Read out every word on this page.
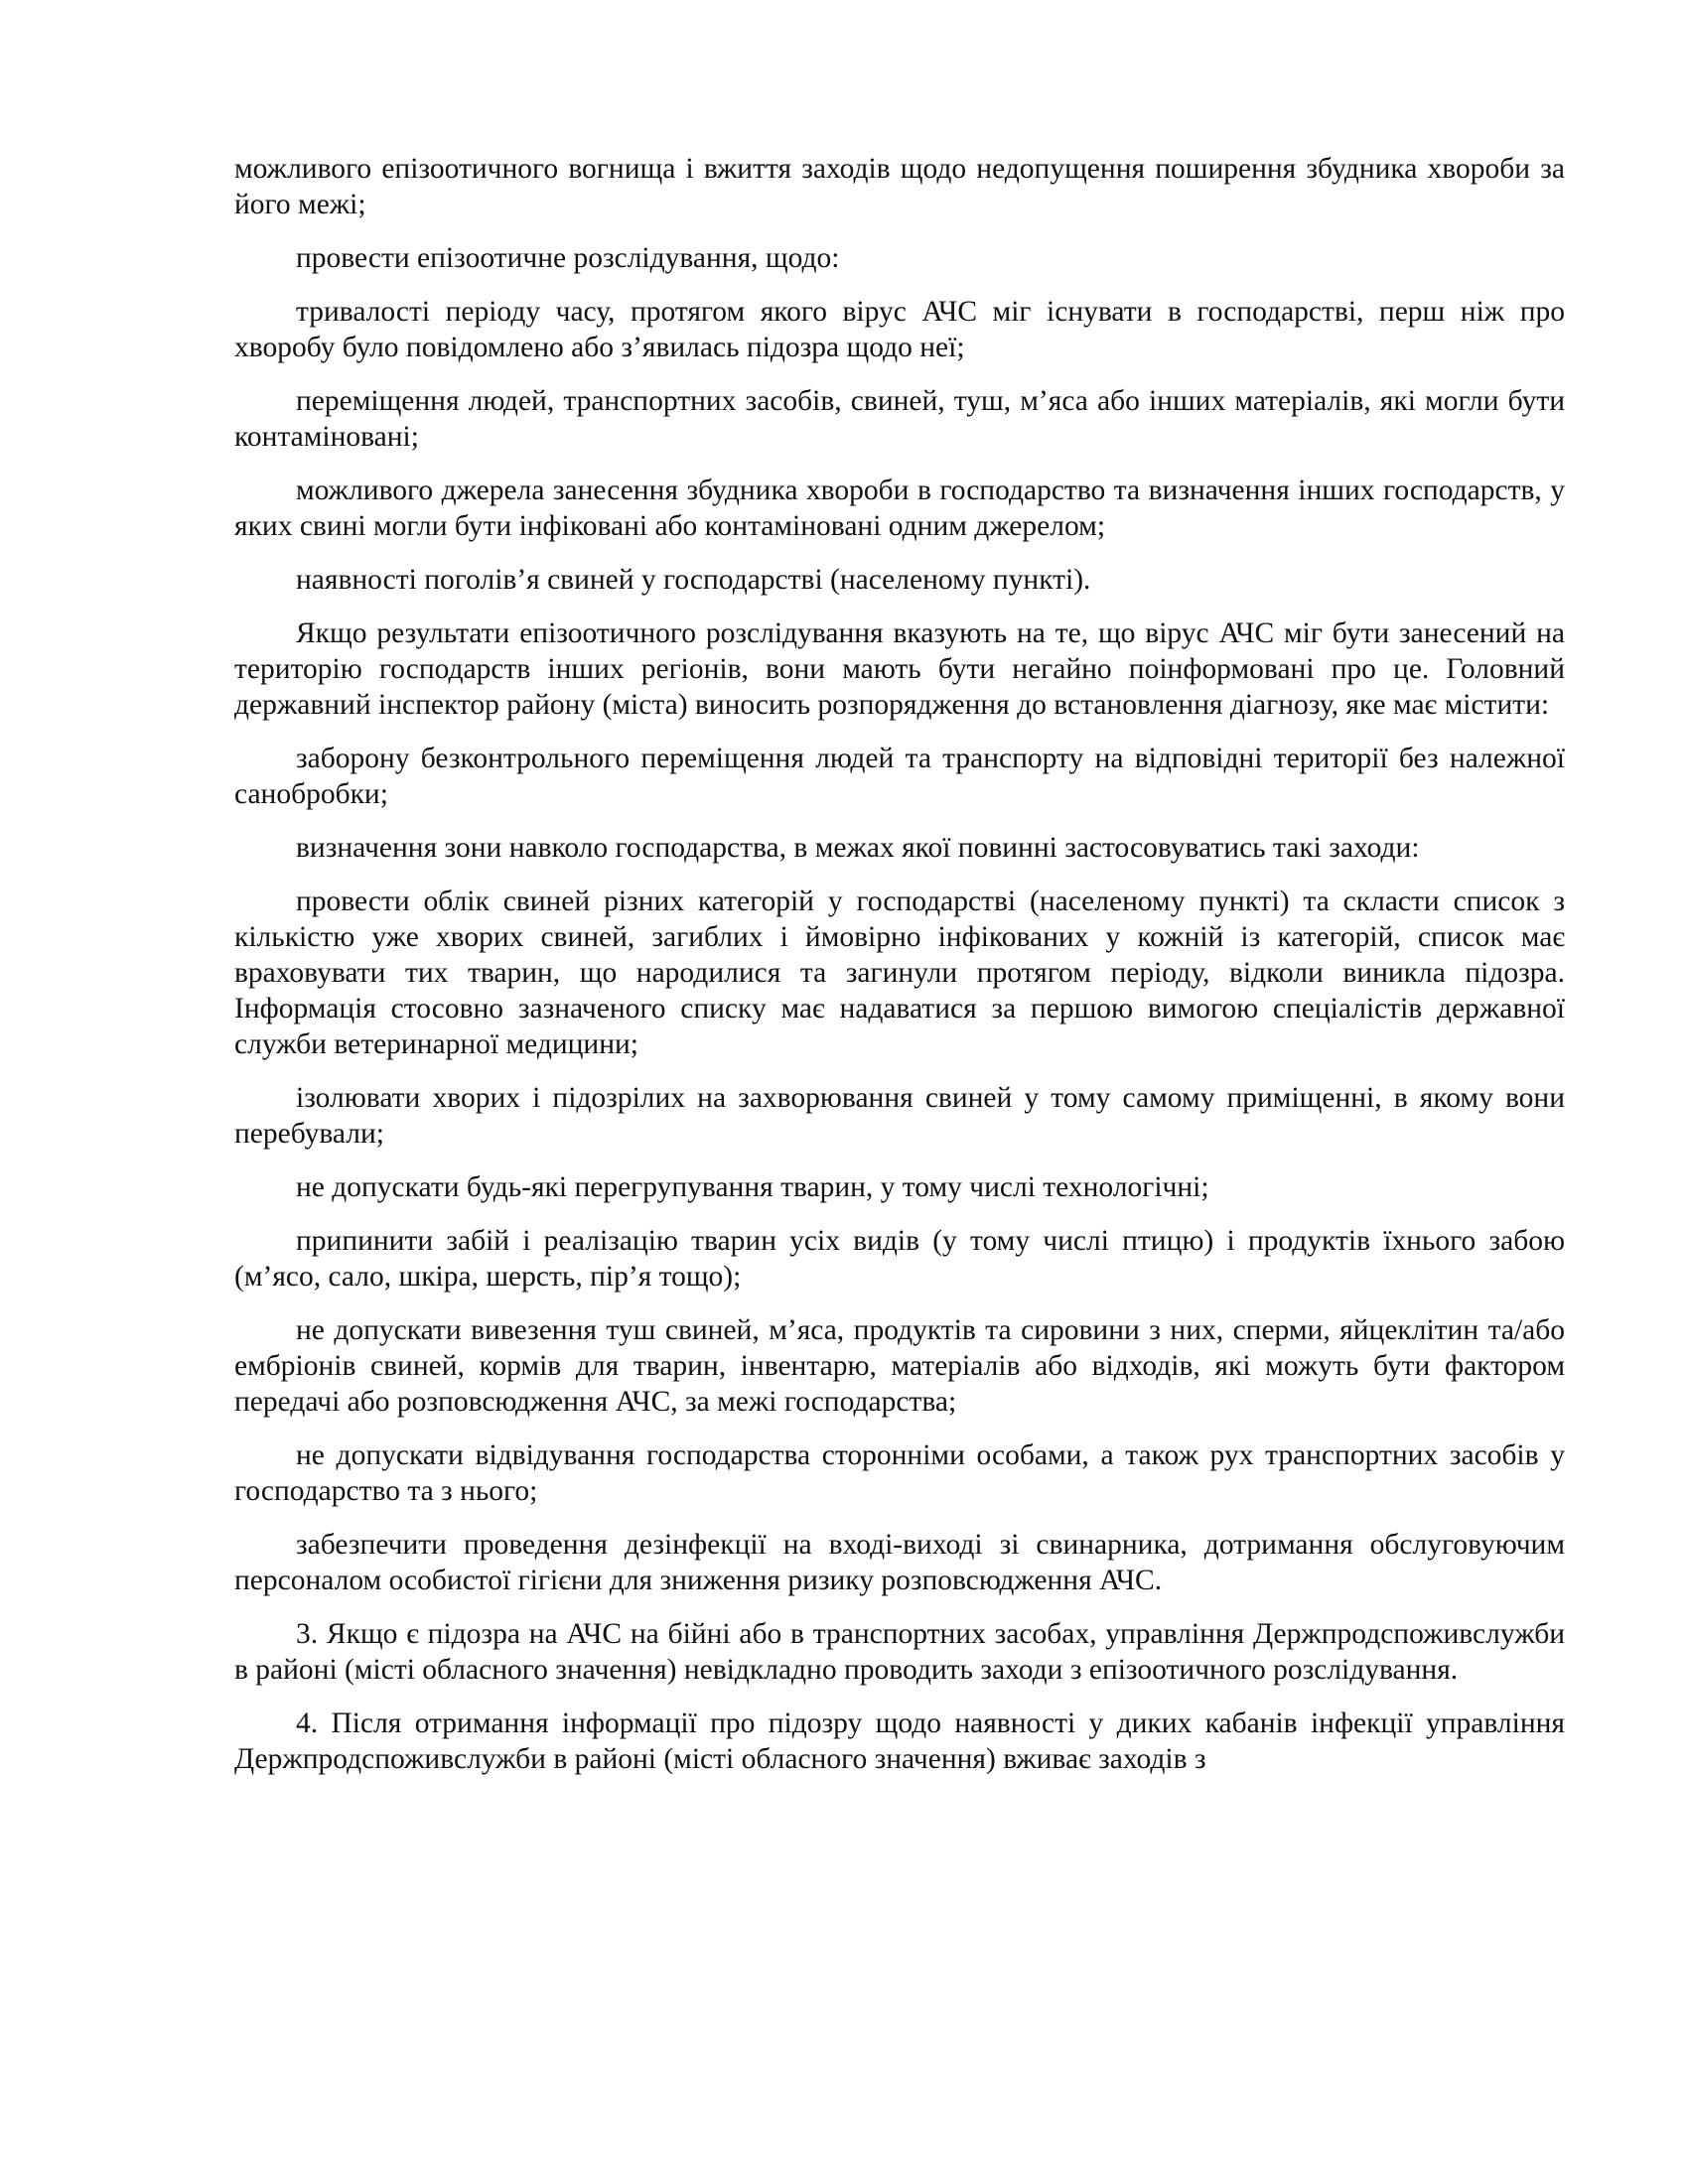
можливого епізоотичного вогнища і вжиття заходів щодо недопущення поширення збудника хвороби за його межі;

провести епізоотичне розслідування, щодо:

тривалості періоду часу, протягом якого вірус АЧС міг існувати в господарстві, перш ніж про хворобу було повідомлено або з’явилась підозра щодо неї;

переміщення людей, транспортних засобів, свиней, туш, м’яса або інших матеріалів, які могли бути контаміновані;

можливого джерела занесення збудника хвороби в господарство та визначення інших господарств, у яких свині могли бути інфіковані або контаміновані одним джерелом;

наявності поголів’я свиней у господарстві (населеному пункті).

Якщо результати епізоотичного розслідування вказують на те, що вірус АЧС міг бути занесений на територію господарств інших регіонів, вони мають бути негайно поінформовані про це. Головний державний інспектор району (міста) виносить розпорядження до встановлення діагнозу, яке має містити:

заборону безконтрольного переміщення людей та транспорту на відповідні території без належної санобробки;

визначення зони навколо господарства, в межах якої повинні застосовуватись такі заходи:

провести облік свиней різних категорій у господарстві (населеному пункті) та скласти список з кількістю уже хворих свиней, загиблих і ймовірно інфікованих у кожній із категорій, список має враховувати тих тварин, що народилися та загинули протягом періоду, відколи виникла підозра. Інформація стосовно зазначеного списку має надаватися за першою вимогою спеціалістів державної служби ветеринарної медицини;

ізолювати хворих і підозрілих на захворювання свиней у тому самому приміщенні, в якому вони перебували;

не допускати будь-які перегрупування тварин, у тому числі технологічні;

припинити забій і реалізацію тварин усіх видів (у тому числі птицю) і продуктів їхнього забою (м’ясо, сало, шкіра, шерсть, пір’я тощо);

не допускати вивезення туш свиней, м’яса, продуктів та сировини з них, сперми, яйцеклітин та/або ембріонів свиней, кормів для тварин, інвентарю, матеріалів або відходів, які можуть бути фактором передачі або розповсюдження АЧС, за межі господарства;

не допускати відвідування господарства сторонніми особами, а також рух транспортних засобів у господарство та з нього;

забезпечити проведення дезінфекції на вході-виході зі свинарника, дотримання обслуговуючим персоналом особистої гігієни для зниження ризику розповсюдження АЧС.

3. Якщо є підозра на АЧС на бійні або в транспортних засобах, управління Держпродспоживслужби в районі (місті обласного значення) невідкладно проводить заходи з епізоотичного розслідування.

4. Після отримання інформації про підозру щодо наявності у диких кабанів інфекції управління Держпродспоживслужби в районі (місті обласного значення) вживає заходів з
